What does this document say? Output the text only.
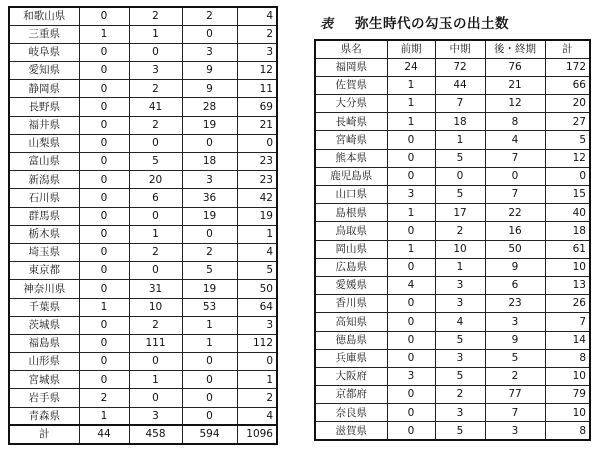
和歌山県	0	2	2	4
三重県	1	1	0	2
岐阜県	0	0	3	3
愛知県	0	3	9	12
静岡県	0	2	9	11
長野県	0	41	28	69
福井県	0	2	19	21
山梨県	0	0	0	0
富山県	0	5	18	23
新潟県	0	20	3	23
石川県	0	6	36	42
群馬県	0	0	19	19
栃木県	0	1	0	1
埼玉県	0	2	2	4
東京都	0	0	5	5
神奈川県	0	31	19	50
千葉県	1	10	53	64
茨城県	0	2	1	3
福島県	0	111	1	112
山形県	0	0	0	0
宮城県	0	1	0	1
岩手県	2	0	0	2
青森県	1	3	0	4
計	44	458	594	1096
表 弥生時代の勾玉の出土数
県名	前期	中期	後・終期	計
福岡県	24	72	76	172
佐賀県	1	44	21	66
大分県	1	7	12	20
長崎県	1	18	8	27
宮崎県	0	1	4	5
熊本県	0	5	7	12
鹿児島県	0	0	0	0
山口県	3	5	7	15
島根県	1	17	22	40
鳥取県	0	2	16	18
岡山県	1	10	50	61
広島県	0	1	9	10
愛媛県	4	3	6	13
香川県	0	3	23	26
高知県	0	4	3	7
徳島県	0	5	9	14
兵庫県	0	3	5	8
大阪府	3	5	2	10
京都府	0	2	77	79
奈良県	0	3	7	10
滋賀県	0	5	3	8
